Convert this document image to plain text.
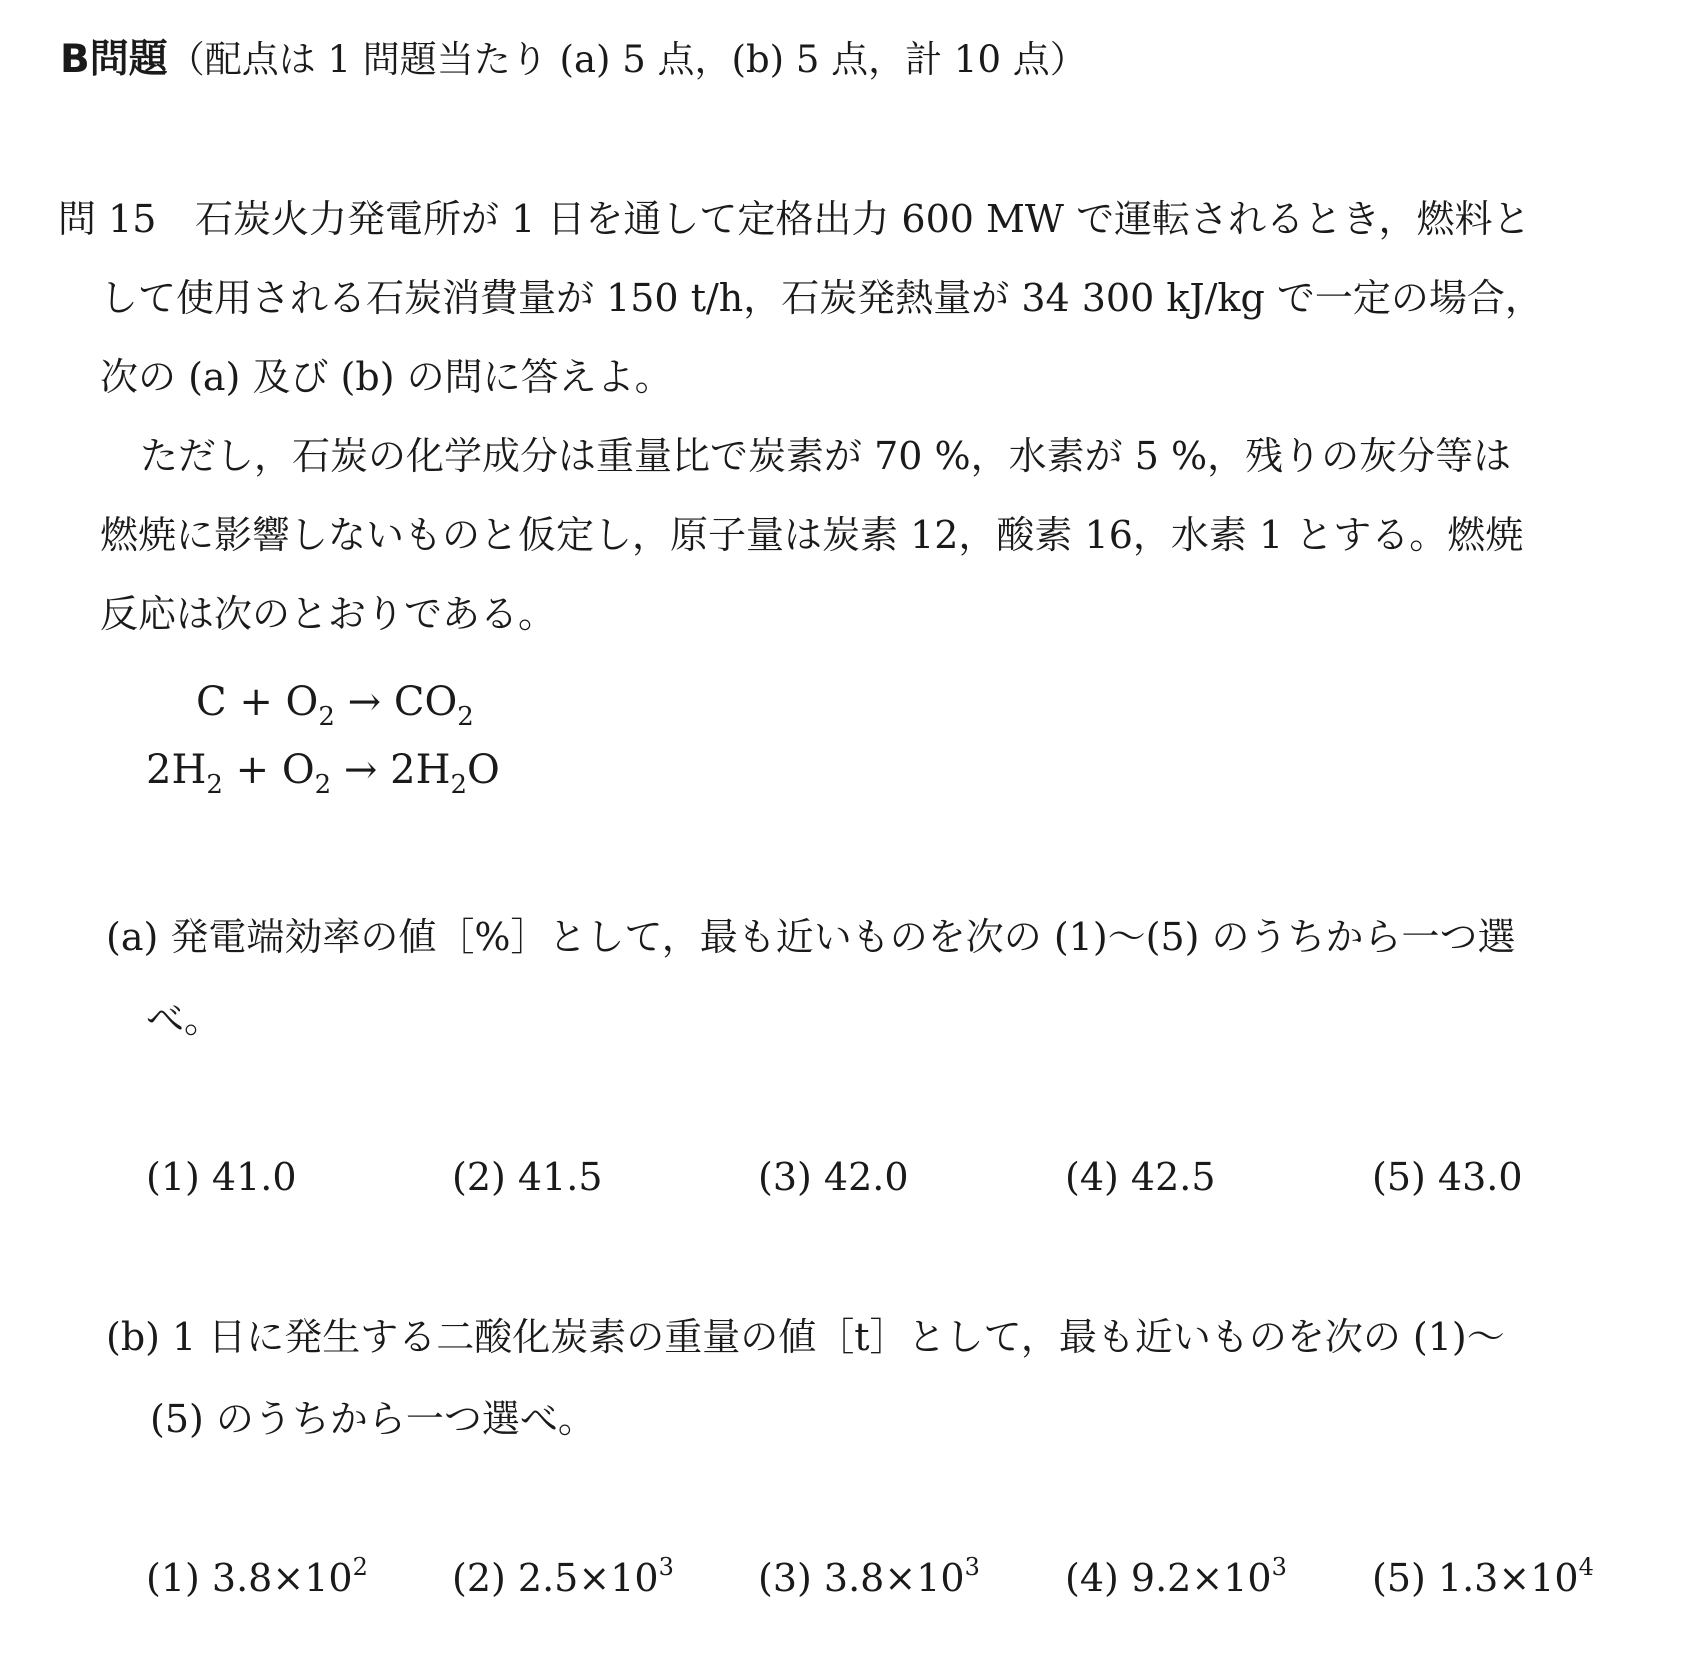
B問題（配点は 1 問題当たり (a) 5 点，(b) 5 点，計 10 点）
問 15 石炭火力発電所が 1 日を通して定格出力 600 MW で運転されるとき，燃料と
して使用される石炭消費量が 150 t/h，石炭発熱量が 34 300 kJ/kg で一定の場合，
次の (a) 及び (b) の問に答えよ。
ただし，石炭の化学成分は重量比で炭素が 70 %，水素が 5 %，残りの灰分等は
燃焼に影響しないものと仮定し，原子量は炭素 12，酸素 16，水素 1 とする。燃焼
反応は次のとおりである。
$C + O_2 \to CO_2$
$2H_2 + O_2 \to 2H_2O$
(a) 発電端効率の値［%］として，最も近いものを次の (1)～(5) のうちから一つ選
べ。
(1) 41.0	(2) 41.5	(3) 42.0	(4) 42.5	(5) 43.0
(b) 1 日に発生する二酸化炭素の重量の値［t］として，最も近いものを次の (1)～
(5) のうちから一つ選べ。
(1) $3.8\times 10^2$ (2) $2.5\times 10^3$ (3) $3.8\times 10^3$ (4) $9.2\times 10^3$ (5) $1.3\times 10^4$
